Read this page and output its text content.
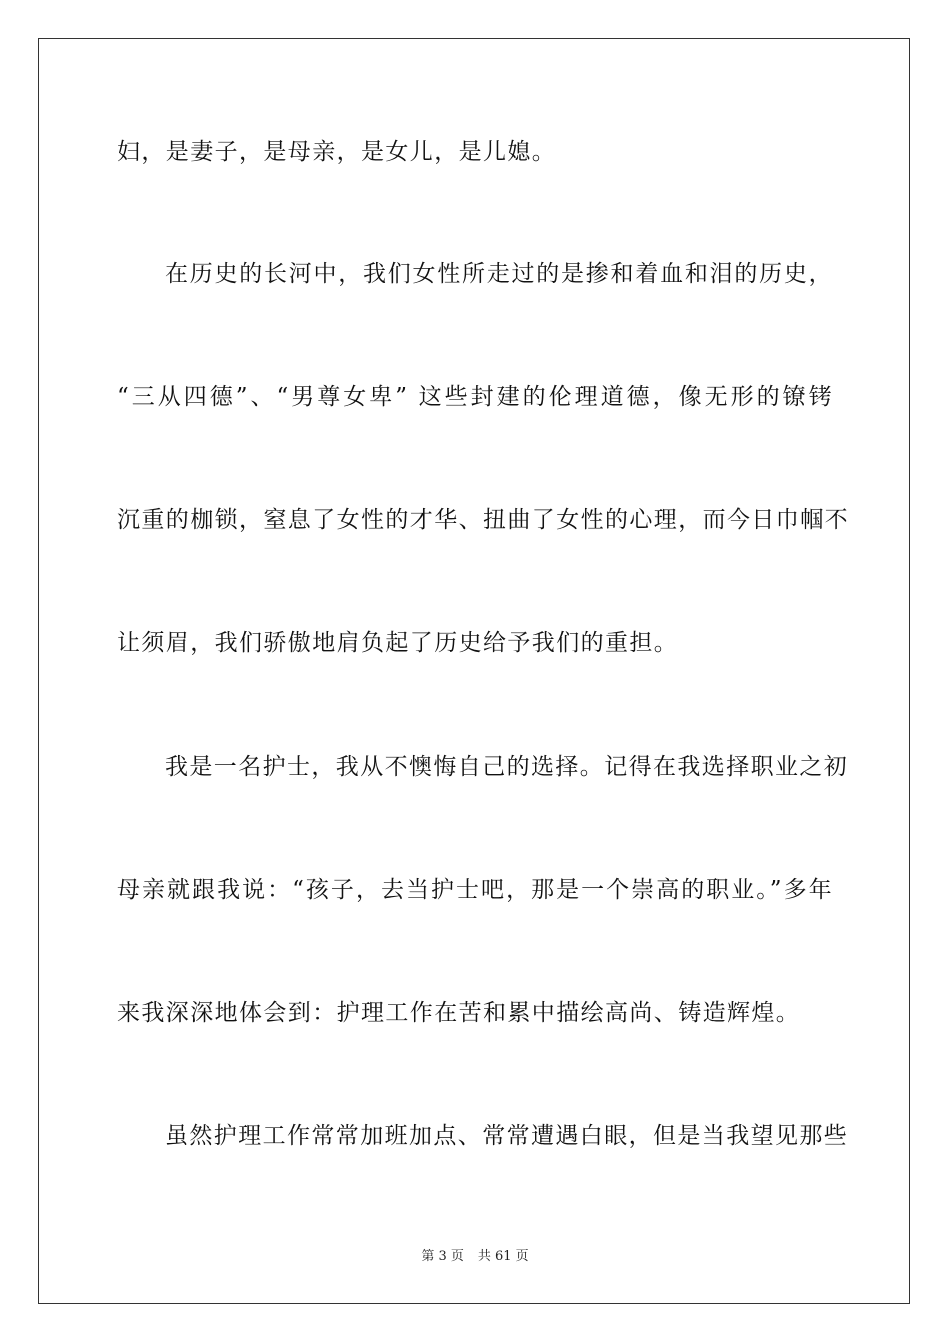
妇，是妻子，是母亲，是女儿，是儿媳。
在历史的长河中，我们女性所走过的是掺和着血和泪的历史，
“三从四德”、“男尊女卑” 这些封建的伦理道德，像无形的镣铐
沉重的枷锁，窒息了女性的才华、扭曲了女性的心理，而今日巾帼不
让须眉，我们骄傲地肩负起了历史给予我们的重担。
我是一名护士，我从不懊悔自己的选择。记得在我选择职业之初
母亲就跟我说：“孩子，去当护士吧，那是一个崇高的职业。”多年
来我深深地体会到：护理工作在苦和累中描绘高尚、铸造辉煌。
虽然护理工作常常加班加点、常常遭遇白眼，但是当我望见那些
第 3 页 共 61 页
